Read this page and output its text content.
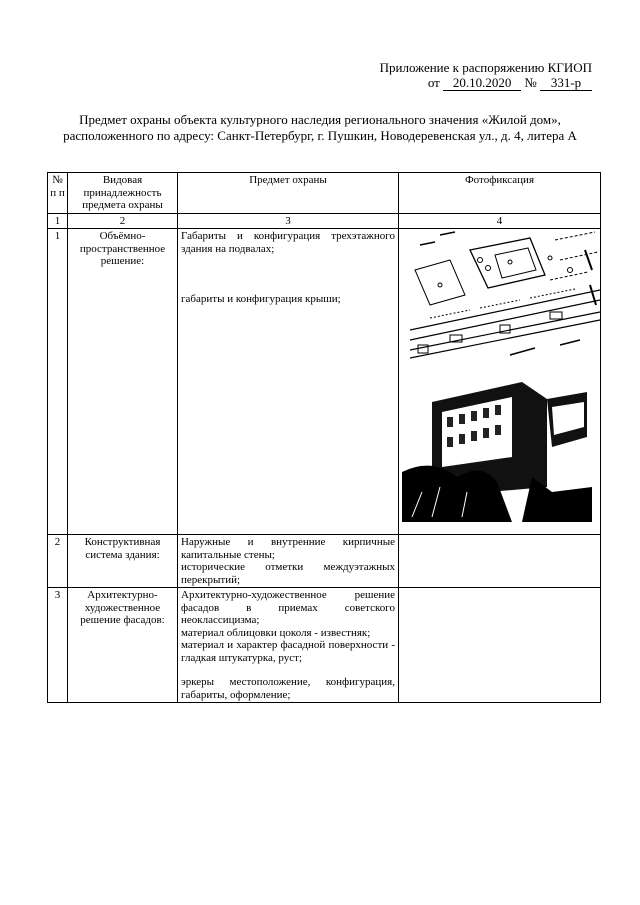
Приложение к распоряжению КГИОП
от 20.10.2020 № 331-р
Предмет охраны объекта культурного наследия регионального значения «Жилой дом»,
расположенного по адресу: Санкт-Петербург, г. Пушкин, Новодеревенская ул., д. 4, литера А
№ п п	Видовая принадлежность предмета охраны	Предмет охраны	Фотофиксация
1	2	3	4
1	Объёмно-пространственное решение:	Габариты и конфигурация трехэтажного здания на подвалах;
габариты и конфигурация крыши;

2	Конструктивная система здания:	Наружные и внутренние кирпичные капитальные стены;
исторические отметки междуэтажных перекрытий;	

3	Архитектурно-художественное решение фасадов:	Архитектурно-художественное решение фасадов в приемах советского неоклассицизма;
материал облицовки цоколя - известняк;
материал и характер фасадной поверхности - гладкая штукатурка, руст;
эркеры местоположение, конфигурация, габариты, оформление;	
